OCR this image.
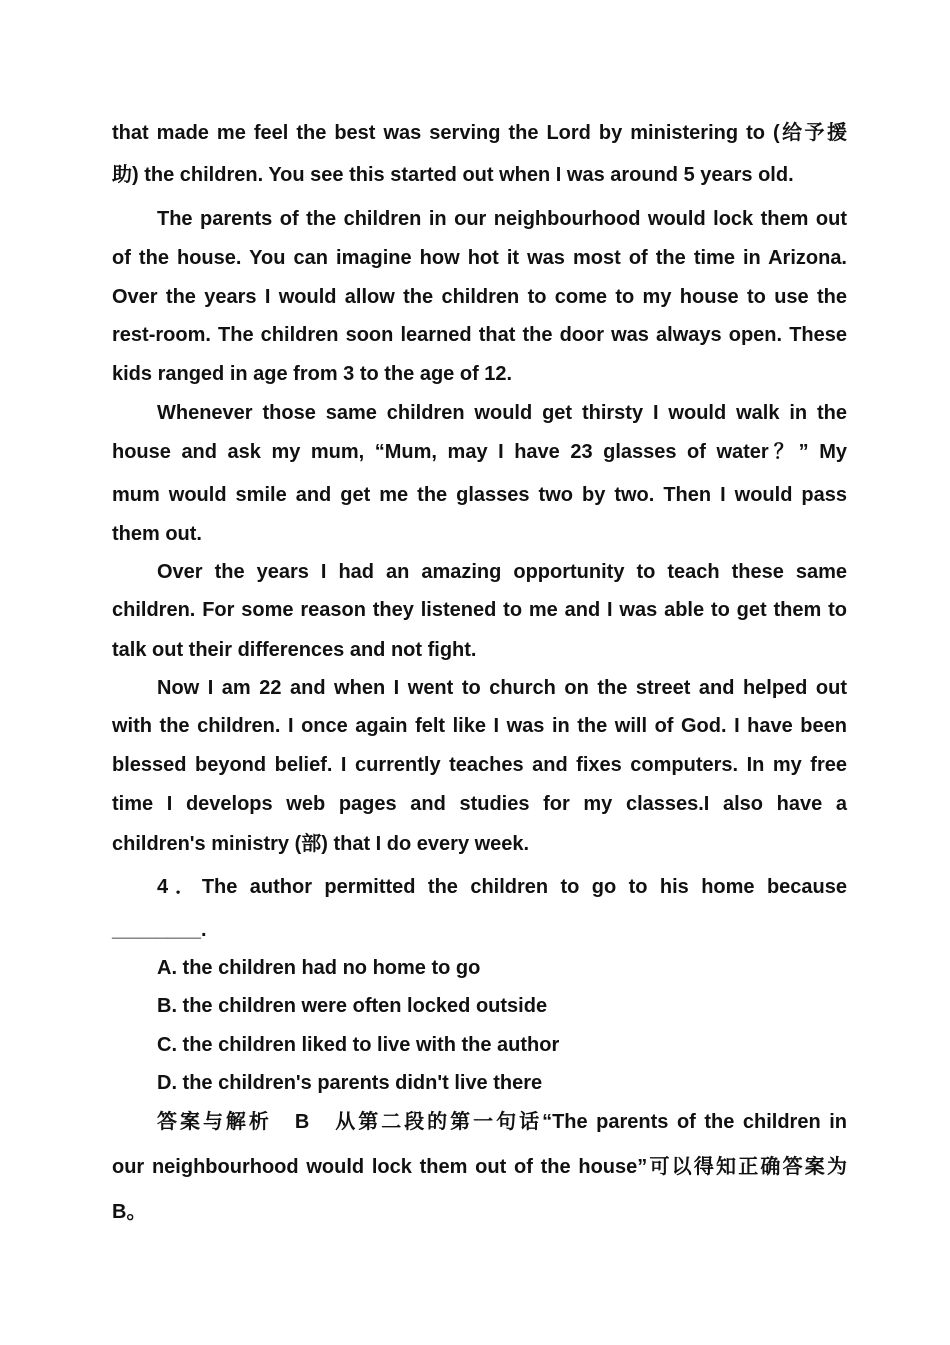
that made me feel the best was serving the Lord by ministering to (给予援
助) the children. You see this started out when I was around 5 years old.
The parents of the children in our neighbourhood would lock them out
of the house. You can imagine how hot it was most of the time in Arizona.
Over the years I would allow the children to come to my house to use the
rest-room. The children soon learned that the door was always open. These
kids ranged in age from 3 to the age of 12.
Whenever those same children would get thirsty I would walk in the
house and ask my mum, “Mum, may I have 23 glasses of water？” My
mum would smile and get me the glasses two by two. Then I would pass
them out.
Over the years I had an amazing opportunity to teach these same
children. For some reason they listened to me and I was able to get them to
talk out their differences and not fight.
Now I am 22 and when I went to church on the street and helped out
with the children. I once again felt like I was in the will of God. I have been
blessed beyond belief. I currently teaches and fixes computers. In my free
time I develops web pages and studies for my classes.I also have a
children's ministry (部) that I do every week.
4．The author permitted the children to go to his home because
________.
A. the children had no home to go
B. the children were often locked outside
C. the children liked to live with the author
D. the children's parents didn't live there
答案与解析　B　从第二段的第一句话“The parents of the children in
our neighbourhood would lock them out of the house”可以得知正确答案为
B。
